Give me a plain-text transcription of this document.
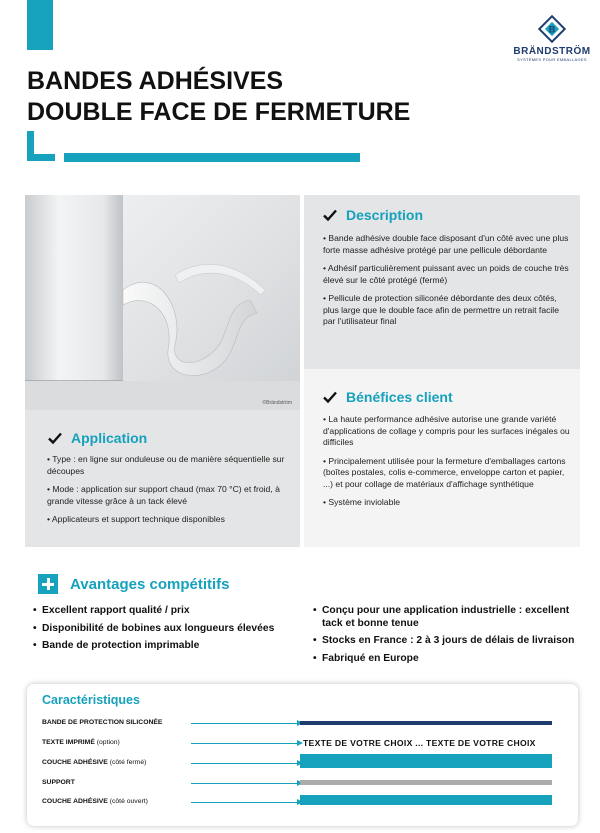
B
BRÄNDSTRÖM
SYSTÈMES POUR EMBALLAGES
BANDES ADHÉSIVES
DOUBLE FACE DE FERMETURE
©Brändström
Description

• Bande adhésive double face disposant d'un côté avec une plus forte masse adhésive protégé par une pellicule débordante

• Adhésif particulièrement puissant avec un poids de couche très élevé sur le côté protégé (fermé)

• Pellicule de protection siliconée débordante des deux côtés, plus large que le double face afin de permettre un retrait facile par l'utilisateur final

Bénéfices client

• La haute performance adhésive autorise une grande variété d'applications de collage y compris pour les surfaces inégales ou difficiles

• Principalement utilisée pour la fermeture d'emballages cartons (boîtes postales, colis e-commerce, enveloppe carton et papier, ...) et pour collage de matériaux d'affichage synthétique

• Système inviolable

Application

• Type : en ligne sur onduleuse ou de manière séquentielle sur découpes

• Mode : application sur support chaud (max 70 °C) et froid, à grande vitesse grâce à un tack élevé

• Applicateurs et support technique disponibles

Avantages compétitifs
• Excellent rapport qualité / prix
• Disponibilité de bobines aux longueurs élevées
• Bande de protection imprimable
• Conçu pour une application industrielle : excellent tack et bonne tenue
• Stocks en France : 2 à 3 jours de délais de livraison
• Fabriqué en Europe
Caractéristiques
BANDE DE PROTECTION SILICONÉE
TEXTE IMPRIMÉ (option)	TEXTE DE VOTRE CHOIX ... TEXTE DE VOTRE CHOIX
COUCHE ADHÉSIVE (côté fermé)
SUPPORT
COUCHE ADHÉSIVE (côté ouvert)
